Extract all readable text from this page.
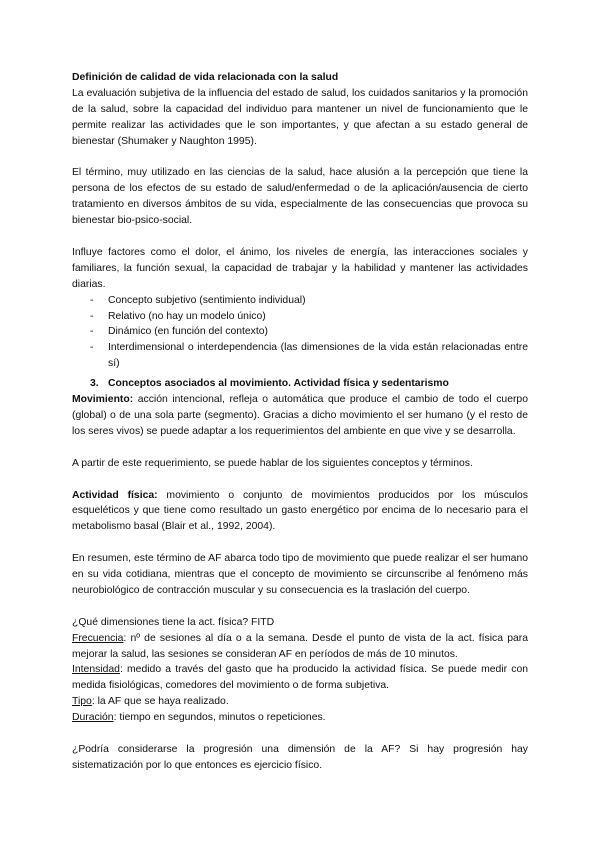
Definición de calidad de vida relacionada con la salud

La evaluación subjetiva de la influencia del estado de salud, los cuidados sanitarios y la promoción de la salud, sobre la capacidad del individuo para mantener un nivel de funcionamiento que le permite realizar las actividades que le son importantes, y que afectan a su estado general de bienestar (Shumaker y Naughton 1995).

El término, muy utilizado en las ciencias de la salud, hace alusión a la percepción que tiene la persona de los efectos de su estado de salud/enfermedad o de la aplicación/ausencia de cierto tratamiento en diversos ámbitos de su vida, especialmente de las consecuencias que provoca su bienestar bio-psico-social.

Influye factores como el dolor, el ánimo, los niveles de energía, las interacciones sociales y familiares, la función sexual, la capacidad de trabajar y la habilidad y mantener las actividades diarias.

- Concepto subjetivo (sentimiento individual)
- Relativo (no hay un modelo único)
- Dinámico (en función del contexto)
- Interdimensional o interdependencia (las dimensiones de la vida están relacionadas entre sí)

3. Conceptos asociados al movimiento. Actividad física y sedentarismo

Movimiento: acción intencional, refleja o automática que produce el cambio de todo el cuerpo (global) o de una sola parte (segmento). Gracias a dicho movimiento el ser humano (y el resto de los seres vivos) se puede adaptar a los requerimientos del ambiente en que vive y se desarrolla.

A partir de este requerimiento, se puede hablar de los siguientes conceptos y términos.

Actividad física: movimiento o conjunto de movimientos producidos por los músculos esqueléticos y que tiene como resultado un gasto energético por encima de lo necesario para el metabolismo basal (Blair et al., 1992, 2004).

En resumen, este término de AF abarca todo tipo de movimiento que puede realizar el ser humano en su vida cotidiana, mientras que el concepto de movimiento se circunscribe al fenómeno más neurobiológico de contracción muscular y su consecuencia es la traslación del cuerpo.

¿Qué dimensiones tiene la act. física? FITD

Frecuencia: nº de sesiones al día o a la semana. Desde el punto de vista de la act. física para mejorar la salud, las sesiones se consideran AF en períodos de más de 10 minutos.

Intensidad: medido a través del gasto que ha producido la actividad física. Se puede medir con medida fisiológicas, comedores del movimiento o de forma subjetiva.

Tipo: la AF que se haya realizado.

Duración: tiempo en segundos, minutos o repeticiones.

¿Podría considerarse la progresión una dimensión de la AF? Si hay progresión hay sistematización por lo que entonces es ejercicio físico.
